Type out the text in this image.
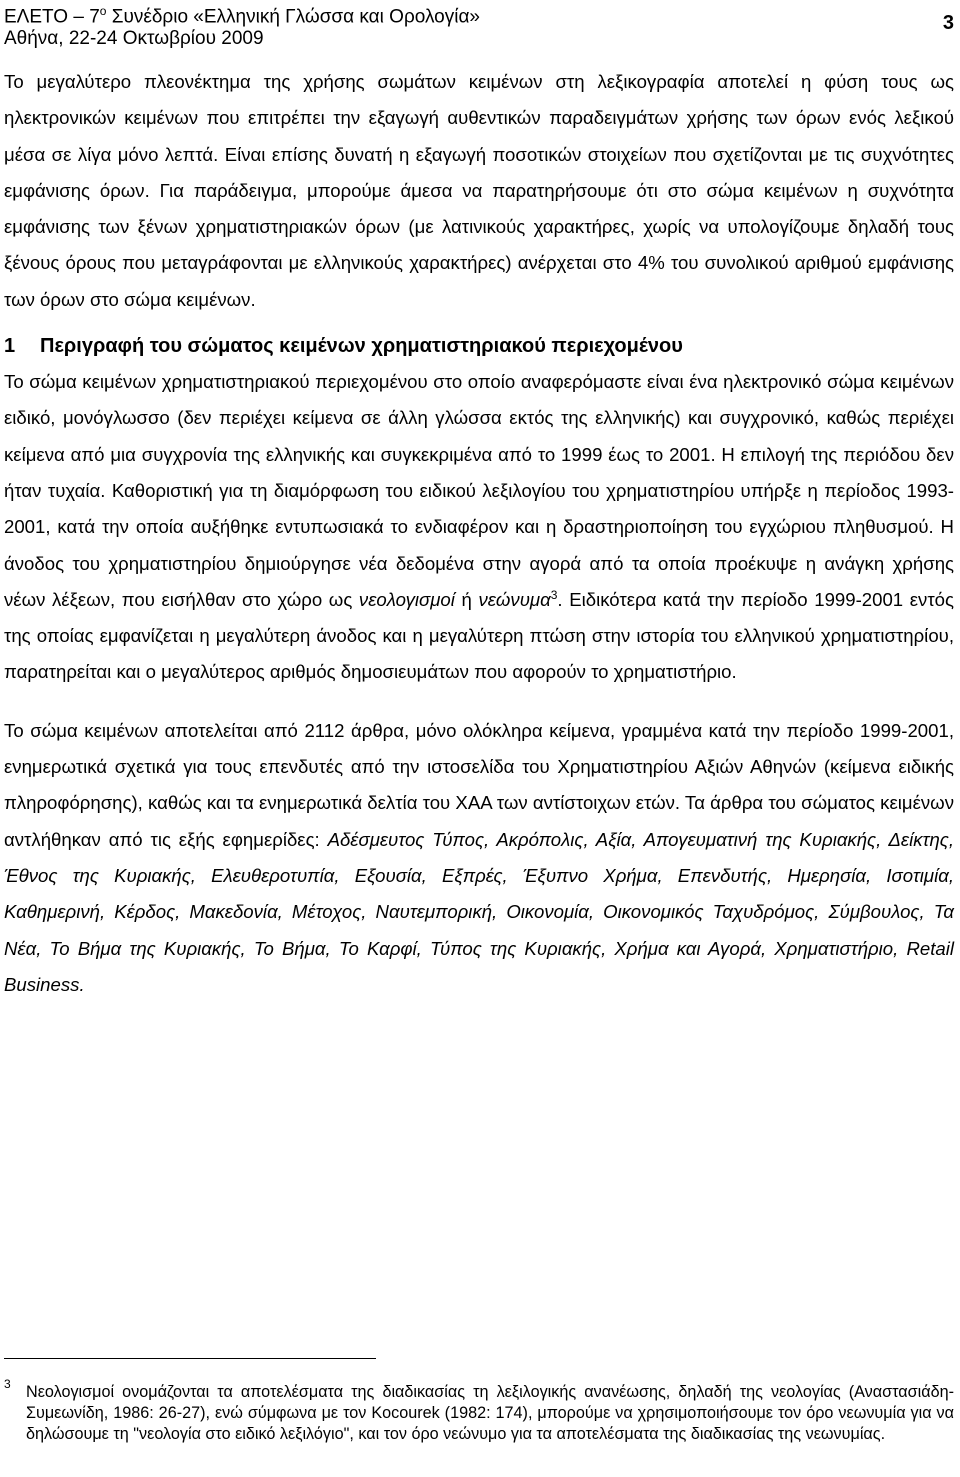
ΕΛΕΤΟ – $7^o$ Συνέδριο «Ελληνική Γλώσσα και Ορολογία»
Αθήνα, 22-24 Οκτωβρίου 2009
3

Το μεγαλύτερο πλεονέκτημα της χρήσης σωμάτων κειμένων στη λεξικογραφία αποτελεί η φύση τους ως ηλεκτρονικών κειμένων που επιτρέπει την εξαγωγή αυθεντικών παραδειγμάτων χρήσης των όρων ενός λεξικού μέσα σε λίγα μόνο λεπτά. Είναι επίσης δυνατή η εξαγωγή ποσοτικών στοιχείων που σχετίζονται με τις συχνότητες εμφάνισης όρων. Για παράδειγμα, μπορούμε άμεσα να παρατηρήσουμε ότι στο σώμα κειμένων η συχνότητα εμφάνισης των ξένων χρηματιστηριακών όρων (με λατινικούς χαρακτήρες, χωρίς να υπολογίζουμε δηλαδή τους ξένους όρους που μεταγράφονται με ελληνικούς χαρακτήρες) ανέρχεται στο 4% του συνολικού αριθμού εμφάνισης των όρων στο σώμα κειμένων.

1 Περιγραφή του σώματος κειμένων χρηματιστηριακού περιεχομένου

Το σώμα κειμένων χρηματιστηριακού περιεχομένου στο οποίο αναφερόμαστε είναι ένα ηλεκτρονικό σώμα κειμένων ειδικό, μονόγλωσσο (δεν περιέχει κείμενα σε άλλη γλώσσα εκτός της ελληνικής) και συγχρονικό, καθώς περιέχει κείμενα από μια συγχρονία της ελληνικής και συγκεκριμένα από το 1999 έως το 2001. Η επιλογή της περιόδου δεν ήταν τυχαία. Καθοριστική για τη διαμόρφωση του ειδικού λεξιλογίου του χρηματιστηρίου υπήρξε η περίοδος 1993-2001, κατά την οποία αυξήθηκε εντυπωσιακά το ενδιαφέρον και η δραστηριοποίηση του εγχώριου πληθυσμού. Η άνοδος του χρηματιστηρίου δημιούργησε νέα δεδομένα στην αγορά από τα οποία προέκυψε η ανάγκη χρήσης νέων λέξεων, που εισήλθαν στο χώρο ως νεολογισμοί ή νεώνυμα$^3$. Ειδικότερα κατά την περίοδο 1999-2001 εντός της οποίας εμφανίζεται η μεγαλύτερη άνοδος και η μεγαλύτερη πτώση στην ιστορία του ελληνικού χρηματιστηρίου, παρατηρείται και ο μεγαλύτερος αριθμός δημοσιευμάτων που αφορούν το χρηματιστήριο.

Το σώμα κειμένων αποτελείται από 2112 άρθρα, μόνο ολόκληρα κείμενα, γραμμένα κατά την περίοδο 1999-2001, ενημερωτικά σχετικά για τους επενδυτές από την ιστοσελίδα του Χρηματιστηρίου Αξιών Αθηνών (κείμενα ειδικής πληροφόρησης), καθώς και τα ενημερωτικά δελτία του ΧΑΑ των αντίστοιχων ετών. Τα άρθρα του σώματος κειμένων αντλήθηκαν από τις εξής εφημερίδες: Αδέσμευτος Τύπος, Ακρόπολις, Αξία, Απογευματινή της Κυριακής, Δείκτης, Έθνος της Κυριακής, Ελευθεροτυπία, Εξουσία, Εξπρές, Έξυπνο Χρήμα, Επενδυτής, Ημερησία, Ισοτιμία, Καθημερινή, Κέρδος, Μακεδονία, Μέτοχος, Ναυτεμπορική, Οικονομία, Οικονομικός Ταχυδρόμος, Σύμβουλος, Τα Νέα, Το Βήμα της Κυριακής, Το Βήμα, Το Καρφί, Τύπος της Κυριακής, Χρήμα και Αγορά, Χρηματιστήριο, Retail Business.

3 Νεολογισμοί ονομάζονται τα αποτελέσματα της διαδικασίας τη λεξιλογικής ανανέωσης, δηλαδή της νεολογίας (Αναστασιάδη-Συμεωνίδη, 1986: 26-27), ενώ σύμφωνα με τον Kocourek (1982: 174), μπορούμε να χρησιμοποιήσουμε τον όρο νεωνυμία για να δηλώσουμε τη "νεολογία στο ειδικό λεξιλόγιο", και τον όρο νεώνυμο για τα αποτελέσματα της διαδικασίας της νεωνυμίας.
